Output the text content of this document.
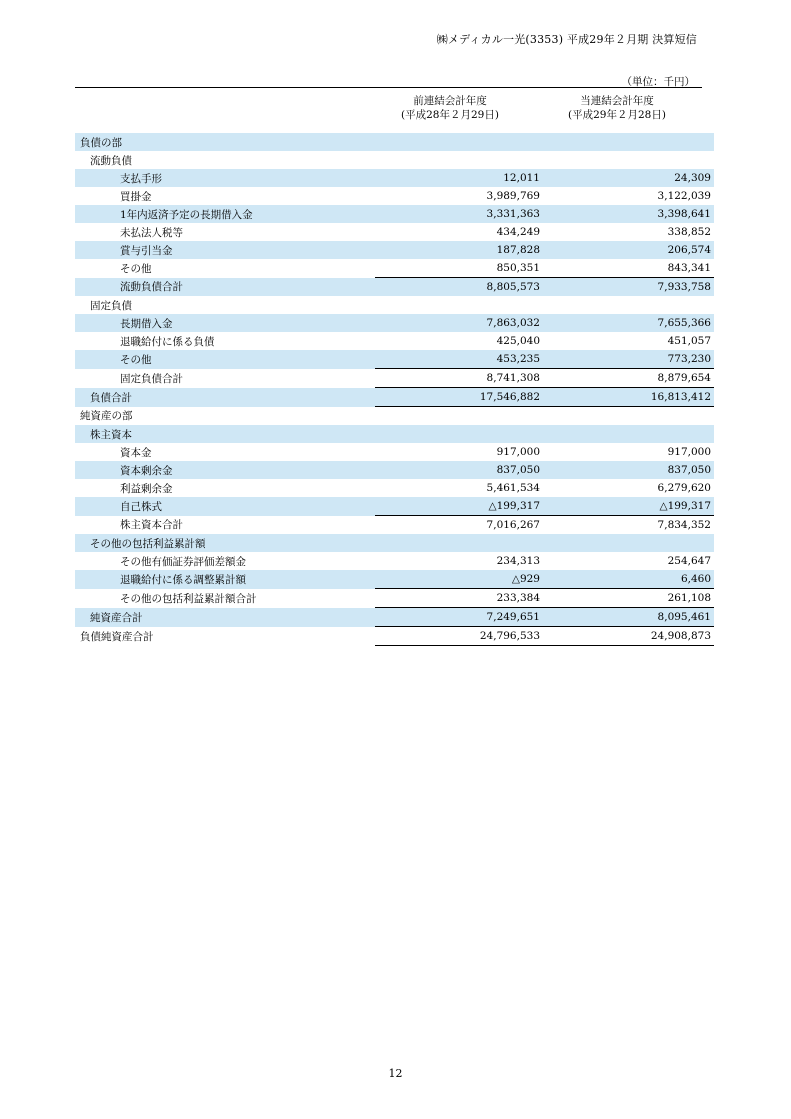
㈱メディカル一光(3353) 平成29年２月期 決算短信
（単位：千円）
前連結会計年度
(平成28年２月29日)
当連結会計年度
(平成29年２月28日)
負債の部		
流動負債		
支払手形	12,011	24,309
買掛金	3,989,769	3,122,039
1年内返済予定の長期借入金	3,331,363	3,398,641
未払法人税等	434,249	338,852
賞与引当金	187,828	206,574
その他	850,351	843,341
流動負債合計	8,805,573	7,933,758
固定負債		
長期借入金	7,863,032	7,655,366
退職給付に係る負債	425,040	451,057
その他	453,235	773,230
固定負債合計	8,741,308	8,879,654
負債合計	17,546,882	16,813,412
純資産の部		
株主資本		
資本金	917,000	917,000
資本剰余金	837,050	837,050
利益剰余金	5,461,534	6,279,620
自己株式	△199,317	△199,317
株主資本合計	7,016,267	7,834,352
その他の包括利益累計額		
その他有価証券評価差額金	234,313	254,647
退職給付に係る調整累計額	△929	6,460
その他の包括利益累計額合計	233,384	261,108
純資産合計	7,249,651	8,095,461
負債純資産合計	24,796,533	24,908,873
12
